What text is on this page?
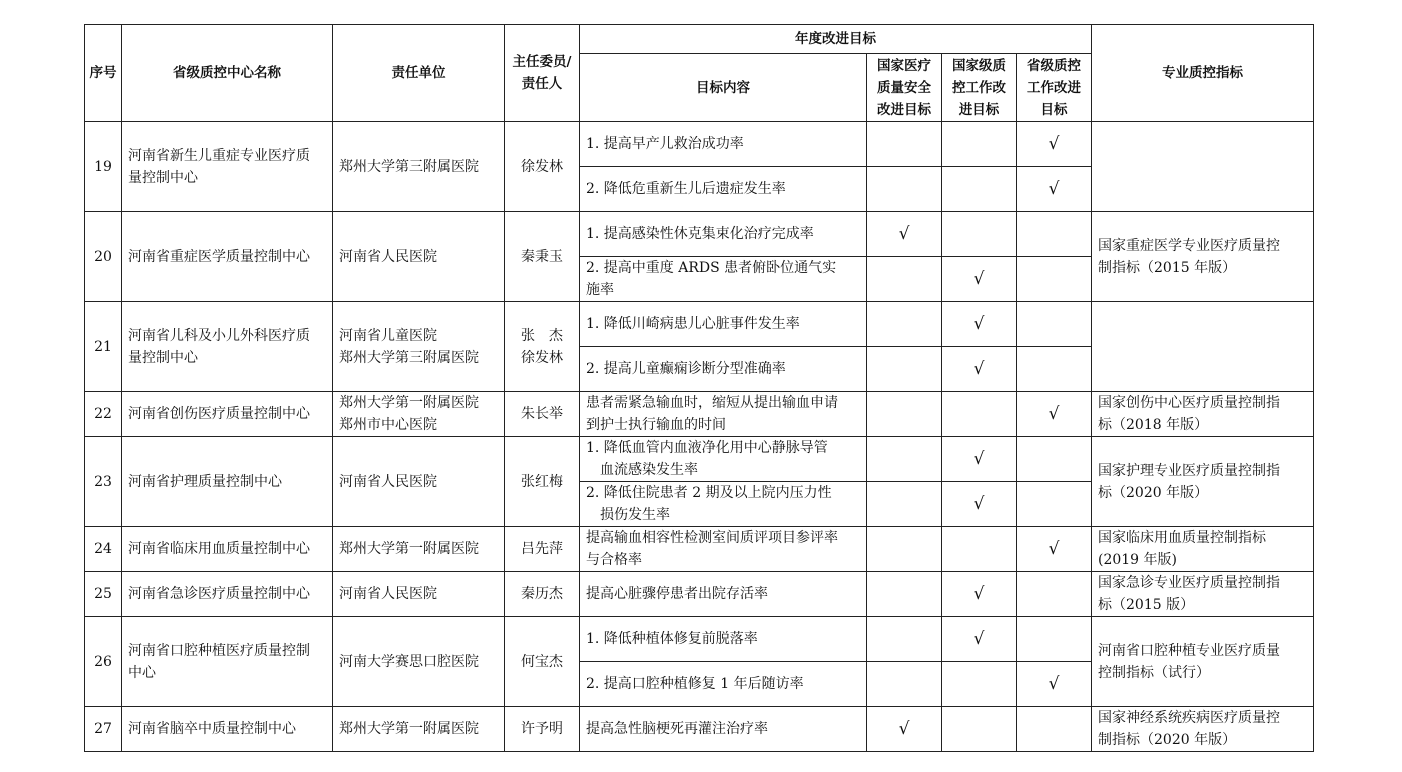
序号	省级质控中心名称	责任单位	主任委员/
责任人	年度改进目标				专业质控指标
				目标内容	国家医疗
质量安全
改进目标	国家级质
控工作改
进目标	省级质控
工作改进
目标	

19	河南省新生儿重症专业医疗质
量控制中心	郑州大学第三附属医院	徐发林	1. 提高早产儿救治成功率			√	

				2. 降低危重新生儿后遗症发生率			√	
20	河南省重症医学质量控制中心	河南省人民医院	秦秉玉	1. 提高感染性休克集束化治疗完成率	√			国家重症医学专业医疗质量控
制指标（2015 年版）

				2. 提高中重度 ARDS 患者俯卧位通气实
施率		√		
21	河南省儿科及小儿外科医疗质
量控制中心	河南省儿童医院
郑州大学第三附属医院	张　杰
徐发林	1. 降低川崎病患儿心脏事件发生率		√		

				2. 提高儿童癫痫诊断分型准确率		√		
22	河南省创伤医疗质量控制中心	郑州大学第一附属医院
郑州市中心医院	朱长举	患者需紧急输血时，缩短从提出输血申请
到护士执行输血的时间			√	国家创伤中心医疗质量控制指
标（2018 年版）

23	河南省护理质量控制中心	河南省人民医院	张红梅	1. 降低血管内血液净化用中心静脉导管
　血流感染发生率		√		国家护理专业医疗质量控制指
标（2020 年版）

				2. 降低住院患者 2 期及以上院内压力性
　损伤发生率		√		
24	河南省临床用血质量控制中心	郑州大学第一附属医院	吕先萍	提高输血相容性检测室间质评项目参评率
与合格率			√	国家临床用血质量控制指标
(2019 年版)

25	河南省急诊医疗质量控制中心	河南省人民医院	秦历杰	提高心脏骤停患者出院存活率		√		国家急诊专业医疗质量控制指
标（2015 版）

26	河南省口腔种植医疗质量控制
中心	河南大学赛思口腔医院	何宝杰	1. 降低种植体修复前脱落率		√		河南省口腔种植专业医疗质量
控制指标（试行）

				2. 提高口腔种植修复 1 年后随访率			√	
27	河南省脑卒中质量控制中心	郑州大学第一附属医院	许予明	提高急性脑梗死再灌注治疗率	√			国家神经系统疾病医疗质量控
制指标（2020 年版）
